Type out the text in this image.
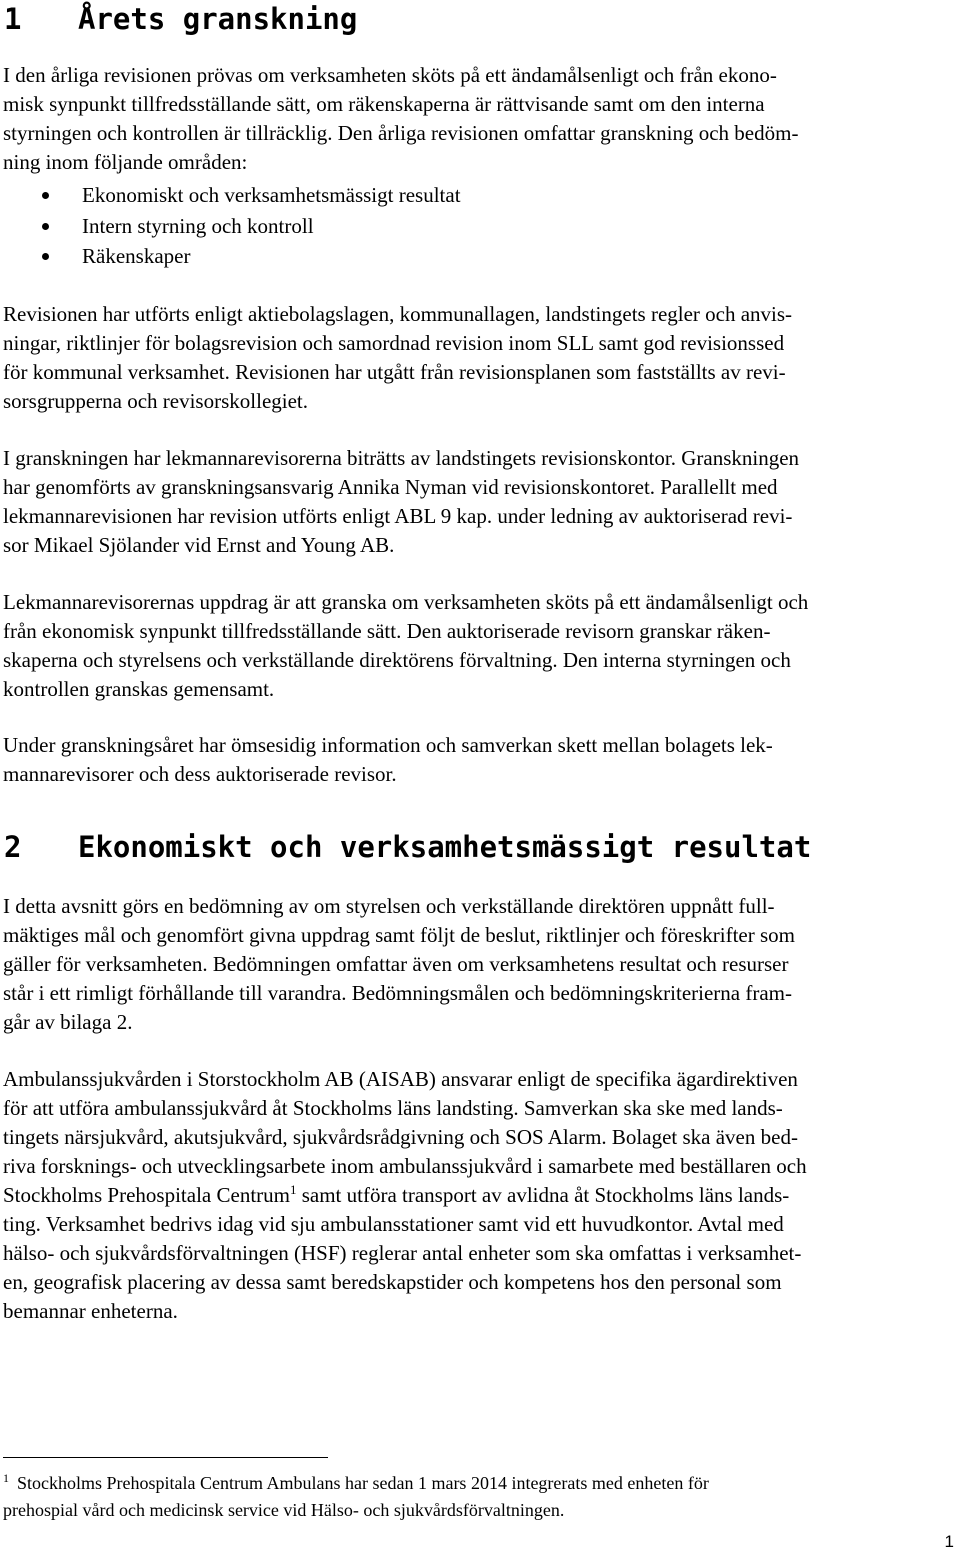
1 Årets granskning

I den årliga revisionen prövas om verksamheten sköts på ett ändamålsenligt och från ekono-
misk synpunkt tillfredsställande sätt, om räkenskaperna är rättvisande samt om den interna
styrningen och kontrollen är tillräcklig. Den årliga revisionen omfattar granskning och bedöm-
ning inom följande områden:

Ekonomiskt och verksamhetsmässigt resultat
Intern styrning och kontroll
Räkenskaper

Revisionen har utförts enligt aktiebolagslagen, kommunallagen, landstingets regler och anvis-
ningar, riktlinjer för bolagsrevision och samordnad revision inom SLL samt god revisionssed
för kommunal verksamhet. Revisionen har utgått från revisionsplanen som fastställts av revi-
sorsgrupperna och revisorskollegiet.

I granskningen har lekmannarevisorerna biträtts av landstingets revisionskontor. Granskningen
har genomförts av granskningsansvarig Annika Nyman vid revisionskontoret. Parallellt med
lekmannarevisionen har revision utförts enligt ABL 9 kap. under ledning av auktoriserad revi-
sor Mikael Sjölander vid Ernst and Young AB.

Lekmannarevisorernas uppdrag är att granska om verksamheten sköts på ett ändamålsenligt och
från ekonomisk synpunkt tillfredsställande sätt. Den auktoriserade revisorn granskar räken-
skaperna och styrelsens och verkställande direktörens förvaltning. Den interna styrningen och
kontrollen granskas gemensamt.

Under granskningsåret har ömsesidig information och samverkan skett mellan bolagets lek-
mannarevisorer och dess auktoriserade revisor.

2 Ekonomiskt och verksamhetsmässigt resultat

I detta avsnitt görs en bedömning av om styrelsen och verkställande direktören uppnått full-
mäktiges mål och genomfört givna uppdrag samt följt de beslut, riktlinjer och föreskrifter som
gäller för verksamheten. Bedömningen omfattar även om verksamhetens resultat och resurser
står i ett rimligt förhållande till varandra. Bedömningsmålen och bedömningskriterierna fram-
går av bilaga 2.

Ambulanssjukvården i Storstockholm AB (AISAB) ansvarar enligt de specifika ägardirektiven
för att utföra ambulanssjukvård åt Stockholms läns landsting. Samverkan ska ske med lands-
tingets närsjukvård, akutsjukvård, sjukvårdsrådgivning och SOS Alarm. Bolaget ska även bed-
riva forsknings- och utvecklingsarbete inom ambulanssjukvård i samarbete med beställaren och
Stockholms Prehospitala Centrum$^1$ samt utföra transport av avlidna åt Stockholms läns lands-
ting. Verksamhet bedrivs idag vid sju ambulansstationer samt vid ett huvudkontor. Avtal med
hälso- och sjukvårdsförvaltningen (HSF) reglerar antal enheter som ska omfattas i verksamhet-
en, geografisk placering av dessa samt beredskapstider och kompetens hos den personal som
bemannar enheterna.

$^1$ Stockholms Prehospitala Centrum Ambulans har sedan 1 mars 2014 integrerats med enheten för
prehospial vård och medicinsk service vid Hälso- och sjukvårdsförvaltningen.

1
